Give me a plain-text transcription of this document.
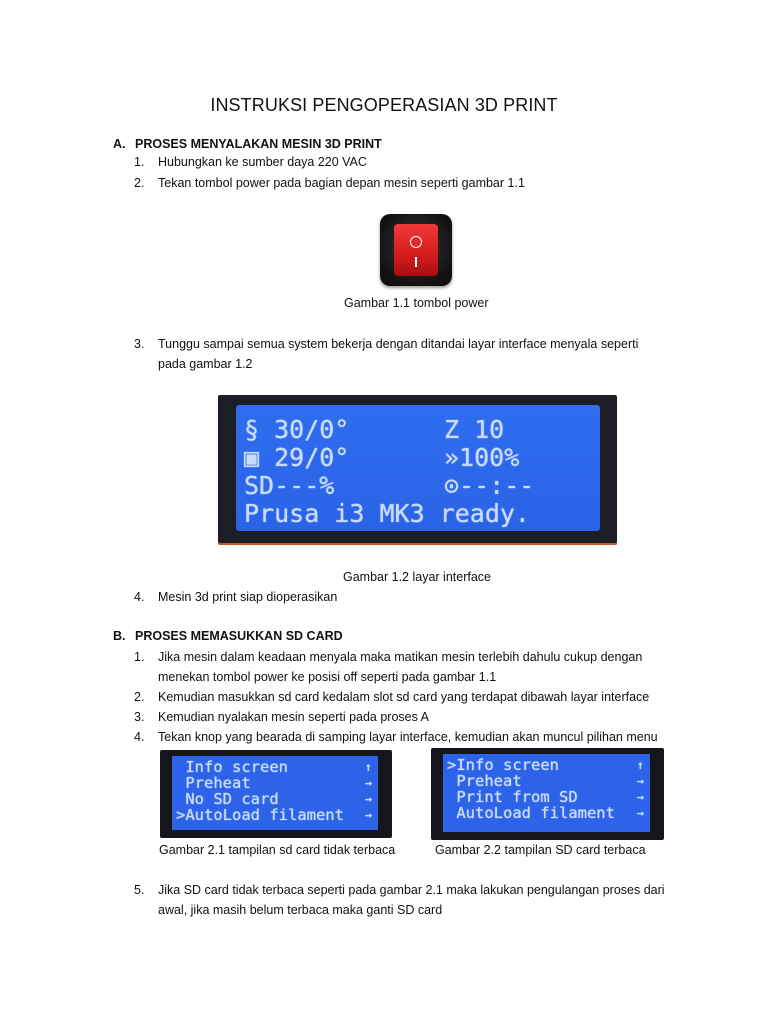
INSTRUKSI PENGOPERASIAN 3D PRINT
A. PROSES MENYALAKAN MESIN 3D PRINT
1. Hubungkan ke sumber daya 220 VAC
2. Tekan tombol power pada bagian depan mesin seperti gambar 1.1
Gambar 1.1 tombol power
3. Tunggu sampai semua system bekerja dengan ditandai layar interface menyala seperti pada gambar 1.2
§ 30/0°	Z 10
▣ 29/0°	»100%
SD---%	⊙--:--
Prusa i3 MK3 ready.
Gambar 1.2 layar interface
4. Mesin 3d print siap dioperasikan
B. PROSES MEMASUKKAN SD CARD
1. Jika mesin dalam keadaan menyala maka matikan mesin terlebih dahulu cukup dengan menekan tombol power ke posisi off seperti pada gambar 1.1
2. Kemudian masukkan sd card kedalam slot sd card yang terdapat dibawah layar interface
3. Kemudian nyalakan mesin seperti pada proses A
4. Tekan knop yang bearada di samping layar interface, kemudian akan muncul pilihan menu
Info screen	↑
Preheat	→
No SD card	→
>AutoLoad filament →
Gambar 2.1 tampilan sd card tidak terbaca
>Info screen	↑
Preheat	→
Print from SD	→
AutoLoad filament →
Gambar 2.2 tampilan SD card terbaca
5. Jika SD card tidak terbaca seperti pada gambar 2.1 maka lakukan pengulangan proses dari awal, jika masih belum terbaca maka ganti SD card
